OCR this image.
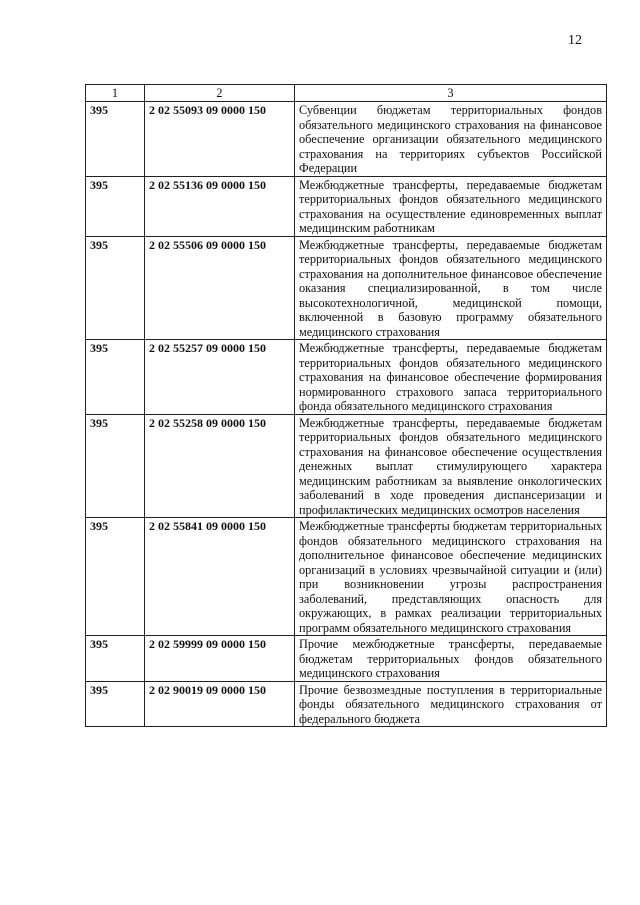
12
1	2	3
395	2 02 55093 09 0000 150	Субвенции бюджетам территориальных фондов обязательного медицинского страхования на финансовое обеспечение организации обязательного медицинского страхования на территориях субъектов Российской Федерации
395	2 02 55136 09 0000 150	Межбюджетные трансферты, передаваемые бюджетам территориальных фондов обязательного медицинского страхования на осуществление единовременных выплат медицинским работникам
395	2 02 55506 09 0000 150	Межбюджетные трансферты, передаваемые бюджетам территориальных фондов обязательного медицинского страхования на дополнительное финансовое обеспечение оказания специализированной, в том числе высокотехнологичной, медицинской помощи, включенной в базовую программу обязательного медицинского страхования
395	2 02 55257 09 0000 150	Межбюджетные трансферты, передаваемые бюджетам территориальных фондов обязательного медицинского страхования на финансовое обеспечение формирования нормированного страхового запаса территориального фонда обязательного медицинского страхования
395	2 02 55258 09 0000 150	Межбюджетные трансферты, передаваемые бюджетам территориальных фондов обязательного медицинского страхования на финансовое обеспечение осуществления денежных выплат стимулирующего характера медицинским работникам за выявление онкологических заболеваний в ходе проведения диспансеризации и профилактических медицинских осмотров населения
395	2 02 55841 09 0000 150	Межбюджетные трансферты бюджетам территориальных фондов обязательного медицинского страхования на дополнительное финансовое обеспечение медицинских организаций в условиях чрезвычайной ситуации и (или) при возникновении угрозы распространения заболеваний, представляющих опасность для окружающих, в рамках реализации территориальных программ обязательного медицинского страхования
395	2 02 59999 09 0000 150	Прочие межбюджетные трансферты, передаваемые бюджетам территориальных фондов обязательного медицинского страхования
395	2 02 90019 09 0000 150	Прочие безвозмездные поступления в территориальные фонды обязательного медицинского страхования от федерального бюджета
